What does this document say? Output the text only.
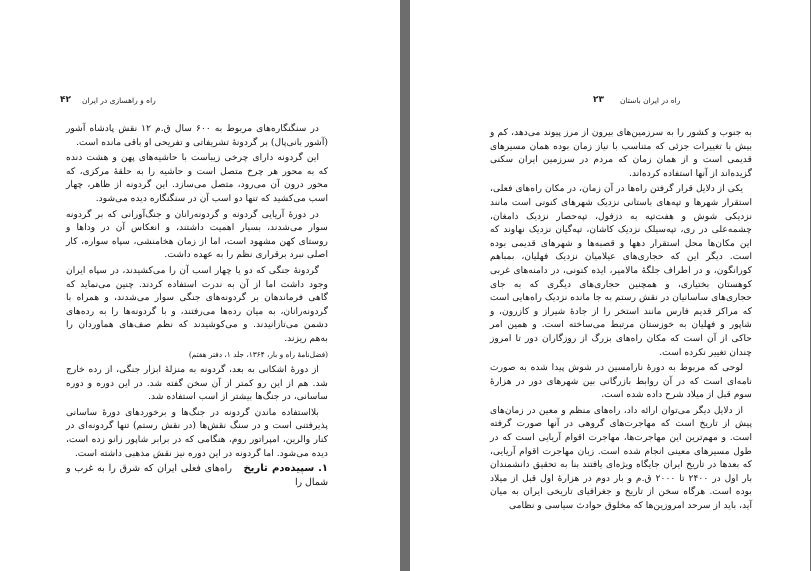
۴۲ راه و راهسازی در ایران

در سنگنگاره‌های مربوط به ۶۰۰ سال ق.م ۱۲ نقش پادشاه آشور (آشور بانی‌پال) بر گردونهٔ تشریفاتی و تفریحی او باقی مانده است.

این گردونه دارای چرخی زیباست با حاشیه‌های پهن و هشت دنده که به محور هر چرخ متصل است و حاشیه را به حلقهٔ مرکزی، که محور درون آن می‌رود، متصل می‌سازد. این گردونه از ظاهر، چهار اسب می‌کشید که تنها دو اسب آن در سنگنگاره دیده می‌شود.

در دورهٔ آریایی گردونه و گردونه‌رانان و جنگ‌آورانی که بر گردونه سوار می‌شدند، بسیار اهمیت داشتند، و انعکاس آن در وداها و روستای کهن مشهود است، اما از زمان هخامنشی، سپاه سواره، کار اصلی نبرد برقراری نظم را به عهده داشت.

گردونهٔ جنگی که دو یا چهار اسب آن را می‌کشیدند، در سپاه ایران وجود داشت اما از آن به ندرت استفاده کردند. چنین می‌نماید که گاهی فرماندهان بر گردونه‌های جنگی سوار می‌شدند، و همراه با گردونه‌رانان، به میان رده‌ها می‌رفتند، و با گردونه‌ها را به رده‌های دشمن می‌تازانیدند. و می‌کوشیدند که نظم صف‌های هماوردان را به‌هم ریزند.

(فضل‌نامهٔ راه و بار، ۱۳۶۴، جلد ۱، دفتر هفتم)

از دورهٔ اشکانی به بعد، گردونه به منزلهٔ ابزار جنگی، از رده خارج شد. هم از این رو کمتر از آن سخن گفته شد. در این دوره و دوره ساسانی، در جنگ‌ها بیشتر از اسب استفاده شد.

بلااستفاده ماندن گردونه در جنگ‌ها و برخوردهای دورهٔ ساسانی پذیرفتنی است و در سنگ نقش‌ها (در نقش رستم) تنها گردونه‌ای در کنار والرین، امپراتور روم، هنگامی که در برابر شاپور زانو زده است، دیده می‌شود. اما گردونه در این دوره نیز نقش مذهبی داشته است.

۱. سپیده‌دم تاریخ   راه‌های فعلی ایران که شرق را به غرب و شمال را

۲۳ راه در ایران باستان

به جنوب و کشور را به سرزمین‌های بیرون از مرز پیوند می‌دهد، کم و بیش با تغییرات جزئی که متناسب با نیاز زمان بوده همان مسیرهای قدیمی است و از همان زمان که مردم در سرزمین ایران سکنی گزیده‌اند از آنها استفاده کرده‌اند.

یکی از دلایل قرار گرفتن راه‌ها در آن زمان، در مکان راه‌های فعلی، استقرار شهرها و تپه‌های باستانی نزدیک شهرهای کنونی است مانند نزدیکی شوش و هفت‌تپه به دزفول، تپه‌حصار نزدیک دامغان، چشمه‌علی در ری، تپه‌سیلک نزدیک کاشان، تپه‌گیان نزدیک نهاوند که این مکان‌ها محل استقرار دهها و قصبه‌ها و شهرهای قدیمی بوده است. دیگر این که حجاری‌های عیلامیان نزدیک فهلیان، بمباهم کورانگون، و در اطراف جلگهٔ مالامیر، ایذه کنونی، در دامنه‌های غربی کوهستان بختیاری، و همچنین حجاری‌های دیگری که به جای حجاری‌های ساسانیان در نقش رستم به جا مانده نزدیک راه‌هایی است که مراکز قدیم فارس مانند استخر را از جادهٔ شیراز و کازرون، و شاپور و فهلیان به خوزستان مرتبط می‌ساخته است. و همین امر حاکی از آن است که مکان راه‌های بزرگ از روزگاران دور تا امروز چندان تغییر نکرده است.

لوحی که مربوط به دورهٔ نارامسین در شوش پیدا شده به صورت نامه‌ای است که در آن روابط بازرگانی بین شهرهای دور در هزارهٔ سوم قبل از میلاد شرح داده شده است.

از دلایل دیگر می‌توان ارائه داد، راه‌های منظم و معین در زمان‌های پیش از تاریخ است که مهاجرت‌های گروهی در آنها صورت گرفته است. و مهم‌ترین این مهاجرت‌ها، مهاجرت اقوام آریایی است که در طول مسیرهای معینی انجام شده است. زبان مهاجرت اقوام آریایی، که بعدها در تاریخ ایران جایگاه ویژه‌ای یافتند بنا به تحقیق دانشمندان بار اول در ۲۴۰۰ تا ۲۰۰۰ ق.م و بار دوم در هزارهٔ اول قبل از میلاد بوده است. هرگاه سخن از تاریخ و جغرافیای تاریخی ایران به میان آید، باید از سرحد امروزین‌ها که مخلوق حوادث سیاسی و نظامی
